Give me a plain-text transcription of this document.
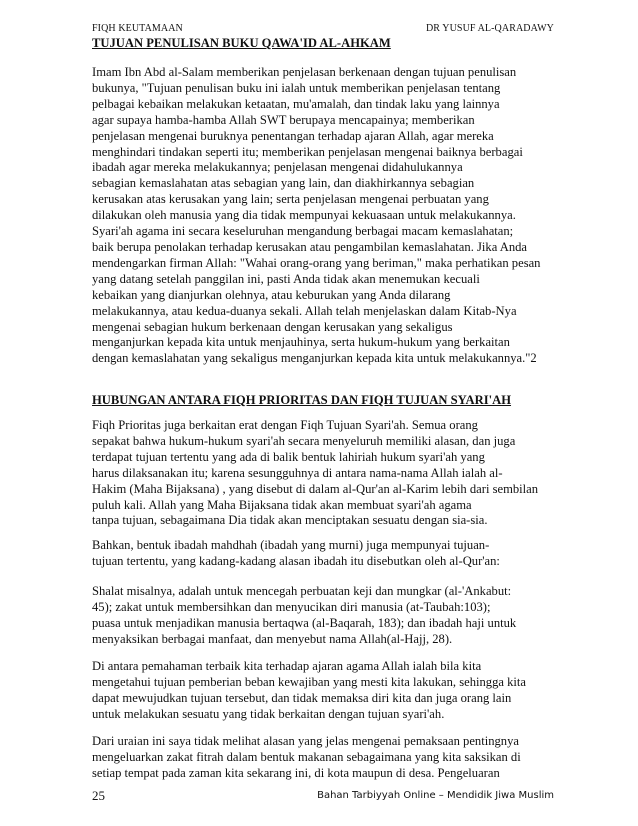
FIQH KEUTAMAAN	DR YUSUF AL-QARADAWY
TUJUAN PENULISAN BUKU QAWA'ID AL-AHKAM
Imam Ibn Abd al-Salam memberikan penjelasan berkenaan dengan tujuan penulisan
bukunya, "Tujuan penulisan buku ini ialah untuk memberikan penjelasan tentang
pelbagai kebaikan melakukan ketaatan, mu'amalah, dan tindak laku yang lainnya
agar supaya hamba-hamba Allah SWT berupaya mencapainya; memberikan
penjelasan mengenai buruknya penentangan terhadap ajaran Allah, agar mereka
menghindari tindakan seperti itu; memberikan penjelasan mengenai baiknya berbagai
ibadah agar mereka melakukannya; penjelasan mengenai didahulukannya
sebagian kemaslahatan atas sebagian yang lain, dan diakhirkannya sebagian
kerusakan atas kerusakan yang lain; serta penjelasan mengenai perbuatan yang
dilakukan oleh manusia yang dia tidak mempunyai kekuasaan untuk melakukannya.
Syari'ah agama ini secara keseluruhan mengandung berbagai macam kemaslahatan;
baik berupa penolakan terhadap kerusakan atau pengambilan kemaslahatan. Jika Anda
mendengarkan firman Allah: "Wahai orang-orang yang beriman," maka perhatikan pesan
yang datang setelah panggilan ini, pasti Anda tidak akan menemukan kecuali
kebaikan yang dianjurkan olehnya, atau keburukan yang Anda dilarang
melakukannya, atau kedua-duanya sekali. Allah telah menjelaskan dalam Kitab-Nya
mengenai sebagian hukum berkenaan dengan kerusakan yang sekaligus
menganjurkan kepada kita untuk menjauhinya, serta hukum-hukum yang berkaitan
dengan kemaslahatan yang sekaligus menganjurkan kepada kita untuk melakukannya."2
HUBUNGAN ANTARA FIQH PRIORITAS DAN FIQH TUJUAN SYARI'AH
Fiqh Prioritas juga berkaitan erat dengan Fiqh Tujuan Syari'ah. Semua orang
sepakat bahwa hukum-hukum syari'ah secara menyeluruh memiliki alasan, dan juga
terdapat tujuan tertentu yang ada di balik bentuk lahiriah hukum syari'ah yang
harus dilaksanakan itu; karena sesungguhnya di antara nama-nama Allah ialah al-
Hakim (Maha Bijaksana) , yang disebut di dalam al-Qur'an al-Karim lebih dari sembilan
puluh kali. Allah yang Maha Bijaksana tidak akan membuat syari'ah agama
tanpa tujuan, sebagaimana Dia tidak akan menciptakan sesuatu dengan sia-sia.
Bahkan, bentuk ibadah mahdhah (ibadah yang murni) juga mempunyai tujuan-
tujuan tertentu, yang kadang-kadang alasan ibadah itu disebutkan oleh al-Qur'an:
Shalat misalnya, adalah untuk mencegah perbuatan keji dan mungkar (al-'Ankabut:
45); zakat untuk membersihkan dan menyucikan diri manusia (at-Taubah:103);
puasa untuk menjadikan manusia bertaqwa (al-Baqarah, 183); dan ibadah haji untuk
menyaksikan berbagai manfaat, dan menyebut nama Allah(al-Hajj, 28).
Di antara pemahaman terbaik kita terhadap ajaran agama Allah ialah bila kita
mengetahui tujuan pemberian beban kewajiban yang mesti kita lakukan, sehingga kita
dapat mewujudkan tujuan tersebut, dan tidak memaksa diri kita dan juga orang lain
untuk melakukan sesuatu yang tidak berkaitan dengan tujuan syari'ah.
Dari uraian ini saya tidak melihat alasan yang jelas mengenai pemaksaan pentingnya
mengeluarkan zakat fitrah dalam bentuk makanan sebagaimana yang kita saksikan di
setiap tempat pada zaman kita sekarang ini, di kota maupun di desa. Pengeluaran
25	Bahan Tarbiyyah Online – Mendidik Jiwa Muslim
